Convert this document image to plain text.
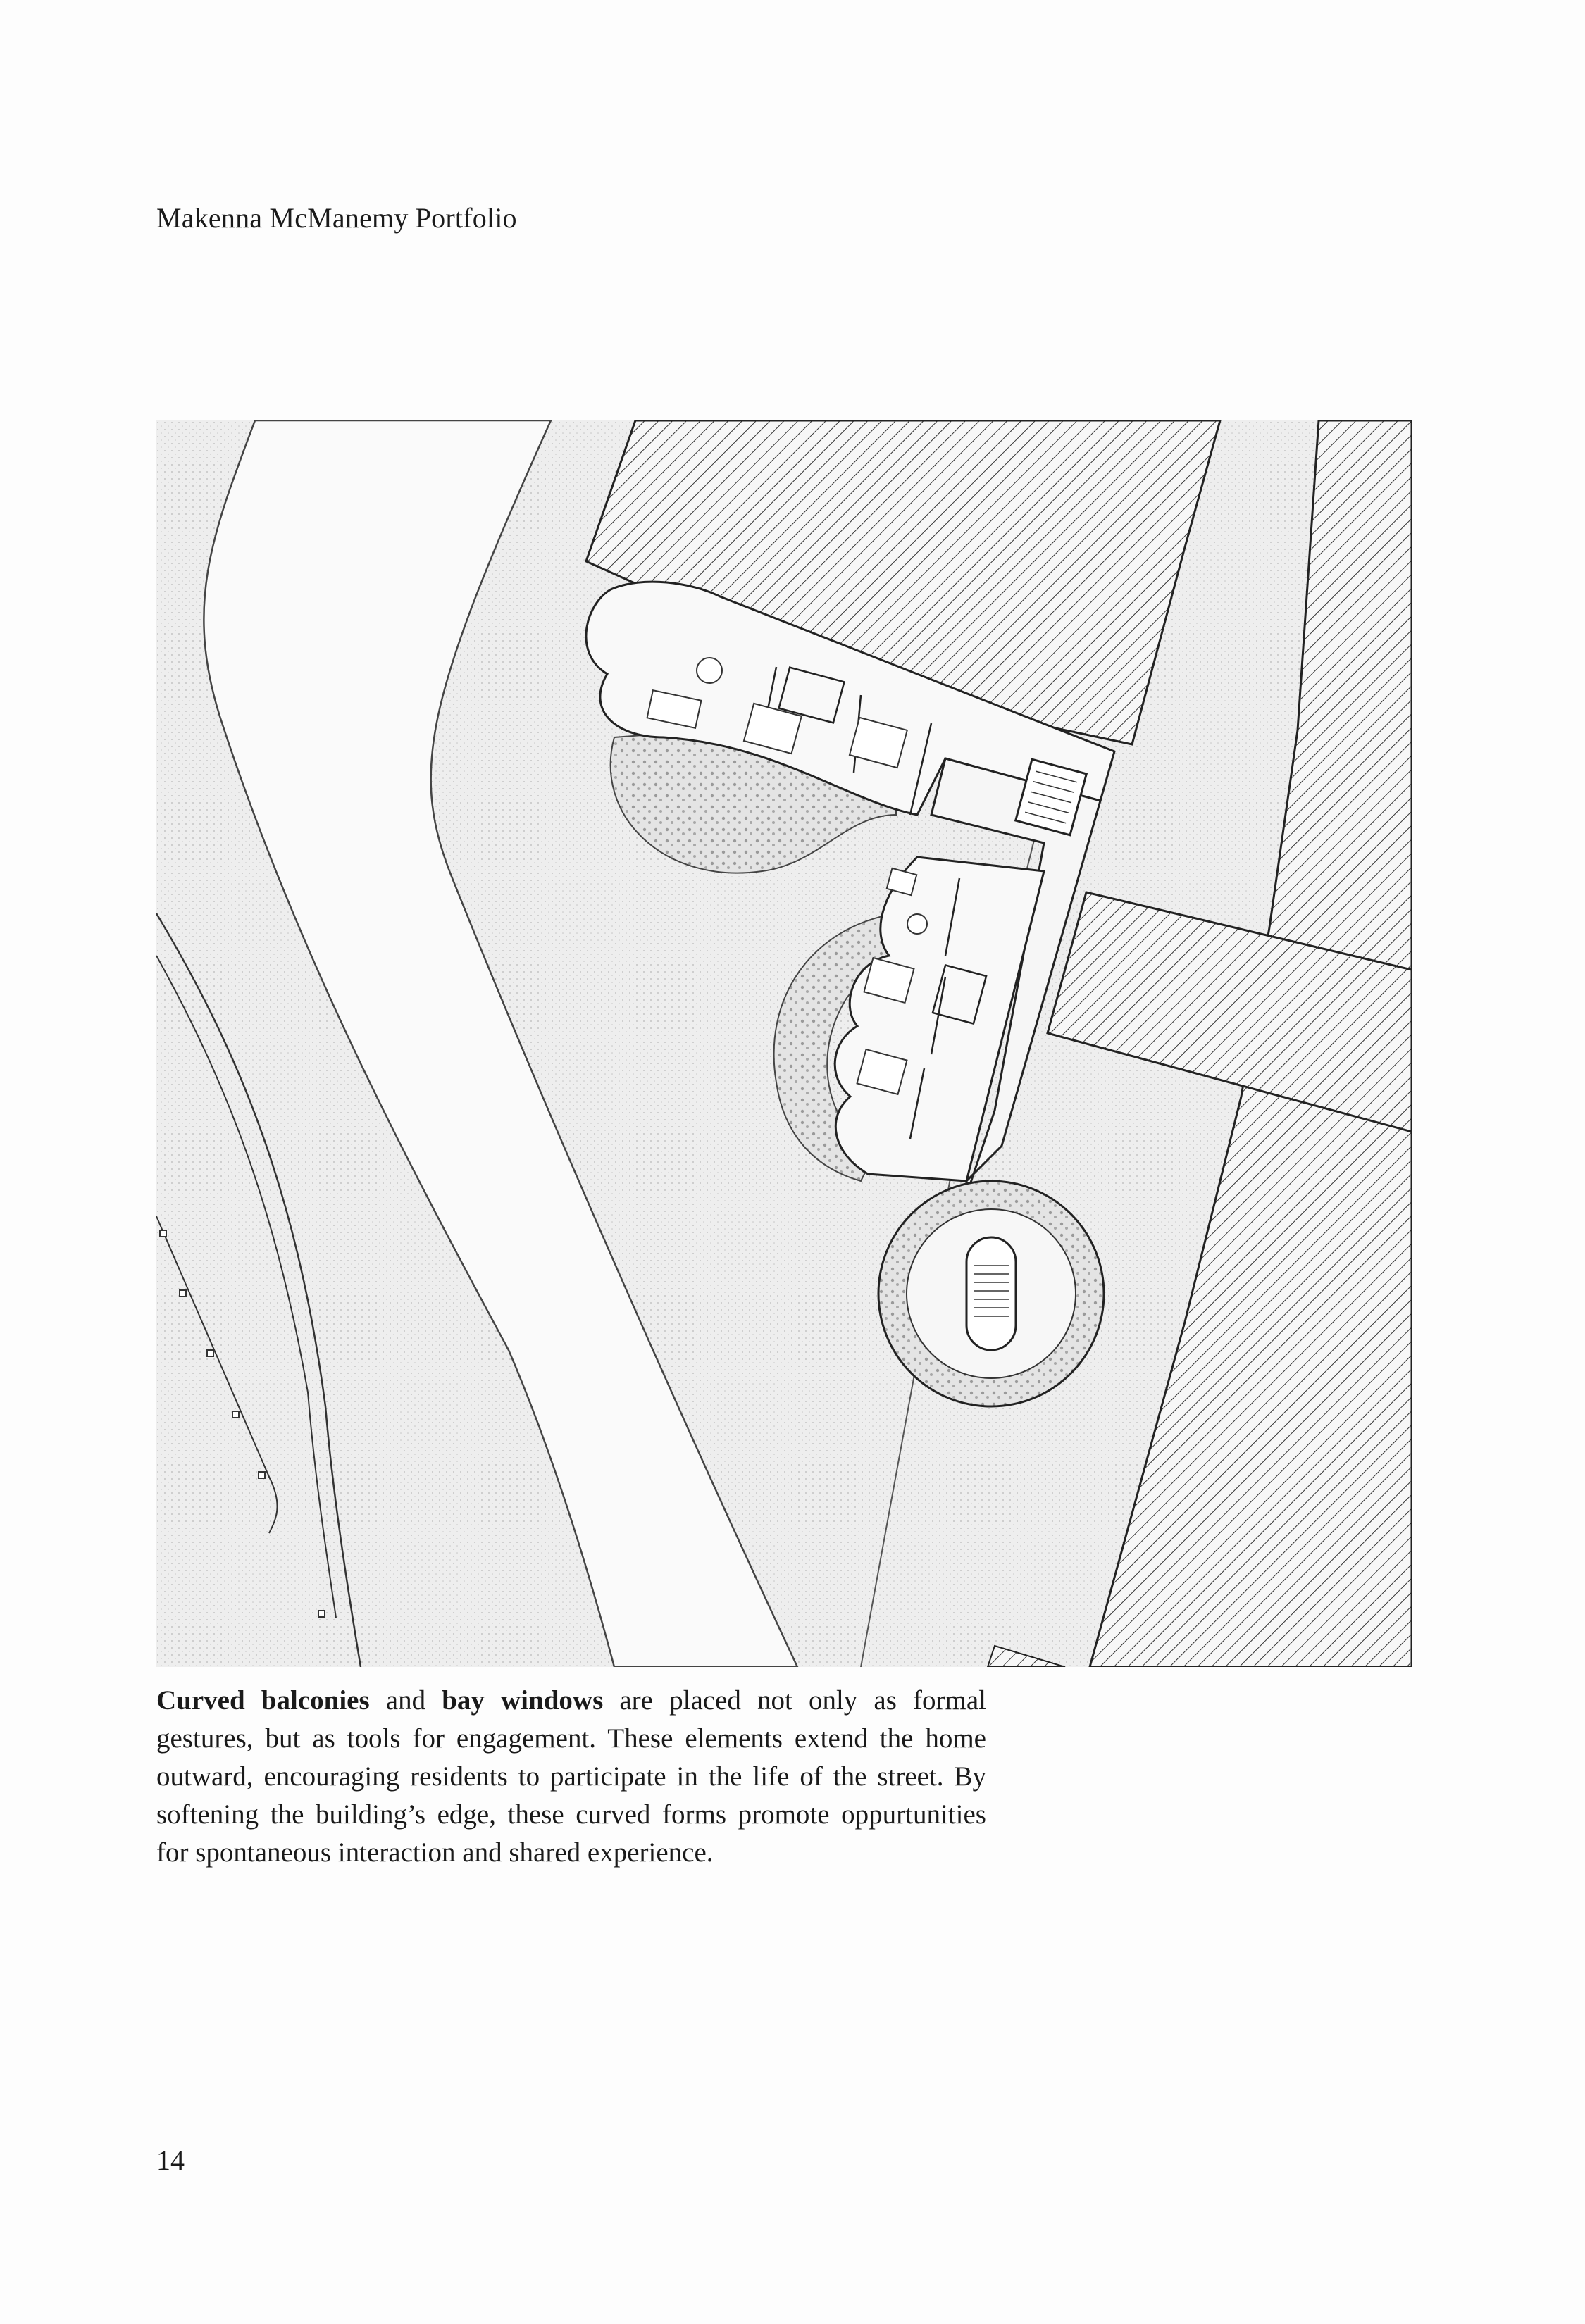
Makenna McManemy Portfolio
Curved balconies and bay windows are placed not only as formal gestures, but as tools for engagement. These elements extend the home outward, encouraging residents to participate in the life of the street. By softening the building’s edge, these curved forms promote oppurtunities for spontaneous interaction and shared experience.
14
